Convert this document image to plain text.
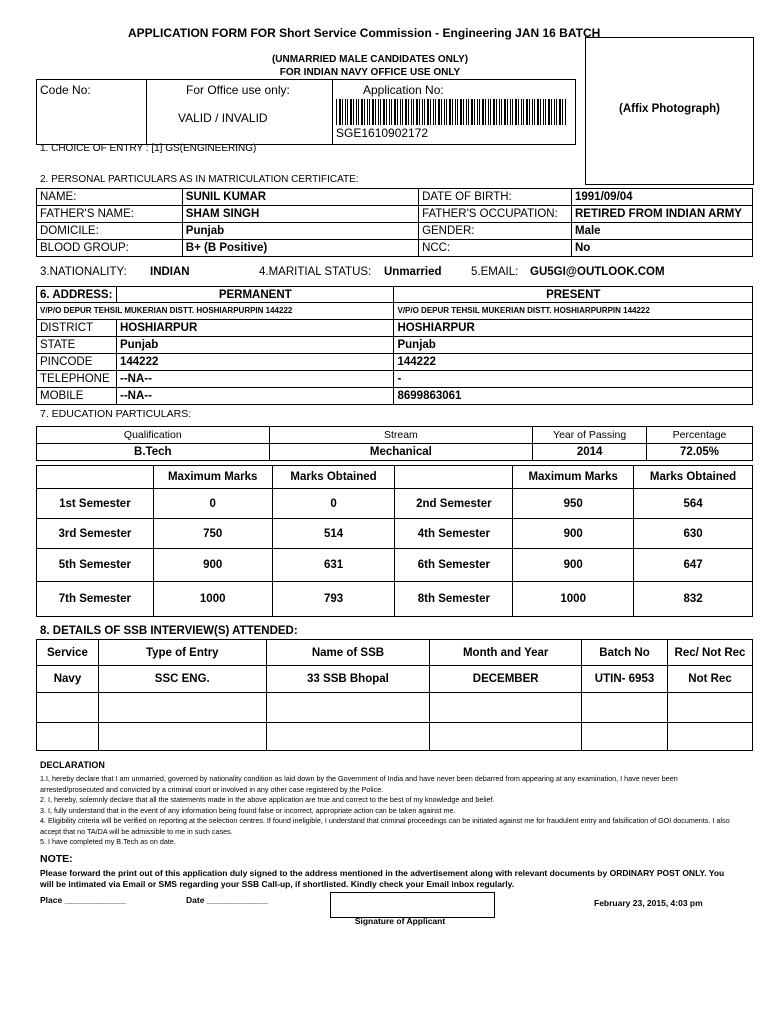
APPLICATION FORM FOR Short Service Commission - Engineering JAN 16 BATCH
(UNMARRIED MALE CANDIDATES ONLY)
FOR INDIAN NAVY OFFICE USE ONLY
(Affix Photograph)
Code No:	For Office use only:
VALID / INVALID
Application No:
SGE1610902172
1. CHOICE OF ENTRY : [1] GS(ENGINEERING)
2. PERSONAL PARTICULARS AS IN MATRICULATION CERTIFICATE:
NAME:	SUNIL KUMAR	DATE OF BIRTH:	1991/09/04
FATHER'S NAME:	SHAM SINGH	FATHER'S OCCUPATION:	RETIRED FROM INDIAN ARMY
DOMICILE:	Punjab	GENDER:	Male
BLOOD GROUP:	B+ (B Positive)	NCC:	No
3.NATIONALITY: INDIAN	4.MARITIAL STATUS: Unmarried	5.EMAIL: GU5GI@OUTLOOK.COM
6. ADDRESS:	PERMANENT	PRESENT
V/P/O DEPUR TEHSIL MUKERIAN DISTT. HOSHIARPURPIN 144222		V/P/O DEPUR TEHSIL MUKERIAN DISTT. HOSHIARPURPIN 144222
DISTRICT	HOSHIARPUR	HOSHIARPUR
STATE	Punjab	Punjab
PINCODE	144222	144222
TELEPHONE	--NA--	-
MOBILE	--NA--	8699863061
7. EDUCATION PARTICULARS:
Qualification	Stream	Year of Passing	Percentage
B.Tech	Mechanical	2014	72.05%
	Maximum Marks	Marks Obtained		Maximum Marks	Marks Obtained
1st Semester	0	0	2nd Semester	950	564
3rd Semester	750	514	4th Semester	900	630
5th Semester	900	631	6th Semester	900	647
7th Semester	1000	793	8th Semester	1000	832
8. DETAILS OF SSB INTERVIEW(S) ATTENDED:
Service	Type of Entry	Name of SSB	Month and Year	Batch No	Rec/ Not Rec
Navy	SSC ENG.	33 SSB Bhopal	DECEMBER	UTIN- 6953	Not Rec

DECLARATION
1.I, hereby declare that I am unmarried, governed by nationality condition as laid down by the Government of India and have never been debarred from appearing at any examination, I have never been arrested/prosecuted and convicted by a criminal court or involved in any other case registered by the Police.
2. I, hereby, solemnly declare that all the statements made in the above application are true and correct to the best of my knowledge and belief.
3. I, fully understand that in the event of any information being found false or incorrect, appropriate action can be taken against me.
4. Eligibility criteria will be verified on reporting at the selection centres. If found ineligible, I understand that criminal proceedings can be initiated against me for fraudulent entry and falsification of GOI documents. I also accept that no TA/DA will be admissible to me in such cases.
5. I have completed my B.Tech as on date.
NOTE:
Please forward the print out of this application duly signed to the address mentioned in the advertisement along with relevant documents by ORDINARY POST ONLY. You will be intimated via Email or SMS regarding your SSB Call-up, if shortlisted. Kindly check your Email inbox regularly.
Place _____________	Date _____________
Signature of Applicant
February 23, 2015, 4:03 pm
